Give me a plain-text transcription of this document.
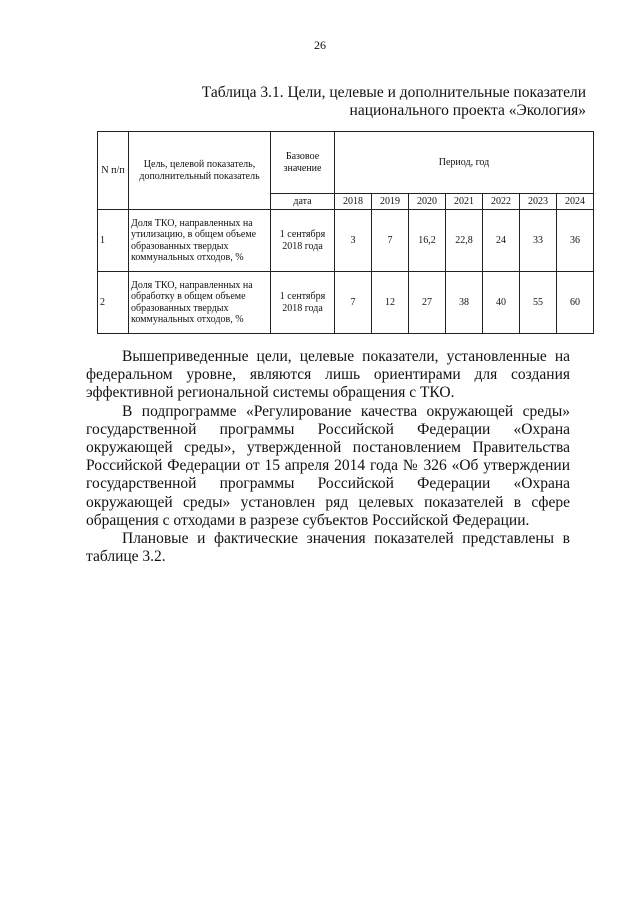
26
Таблица 3.1. Цели, целевые и дополнительные показатели
национального проекта «Экология»
N п/п	Цель, целевой показатель, дополнительный показатель	Базовое значение	Период, год						
		дата	2018	2019	2020	2021	2022	2023	2024
1	Доля ТКО, направленных на утилизацию, в общем объеме образованных твердых коммунальных отходов, %	1 сентября 2018 года	3	7	16,2	22,8	24	33	36
2	Доля ТКО, направленных на обработку в общем объеме образованных твердых коммунальных отходов, %	1 сентября 2018 года	7	12	27	38	40	55	60

Вышеприведенные цели, целевые показатели, установленные на федеральном уровне, являются лишь ориентирами для создания эффективной региональной системы обращения с ТКО.

В подпрограмме «Регулирование качества окружающей среды» государственной программы Российской Федерации «Охрана окружающей среды», утвержденной постановлением Правительства Российской Федерации от 15 апреля 2014 года № 326 «Об утверждении государственной программы Российской Федерации «Охрана окружающей среды» установлен ряд целевых показателей в сфере обращения с отходами в разрезе субъектов Российской Федерации.

Плановые и фактические значения показателей представлены в таблице 3.2.
